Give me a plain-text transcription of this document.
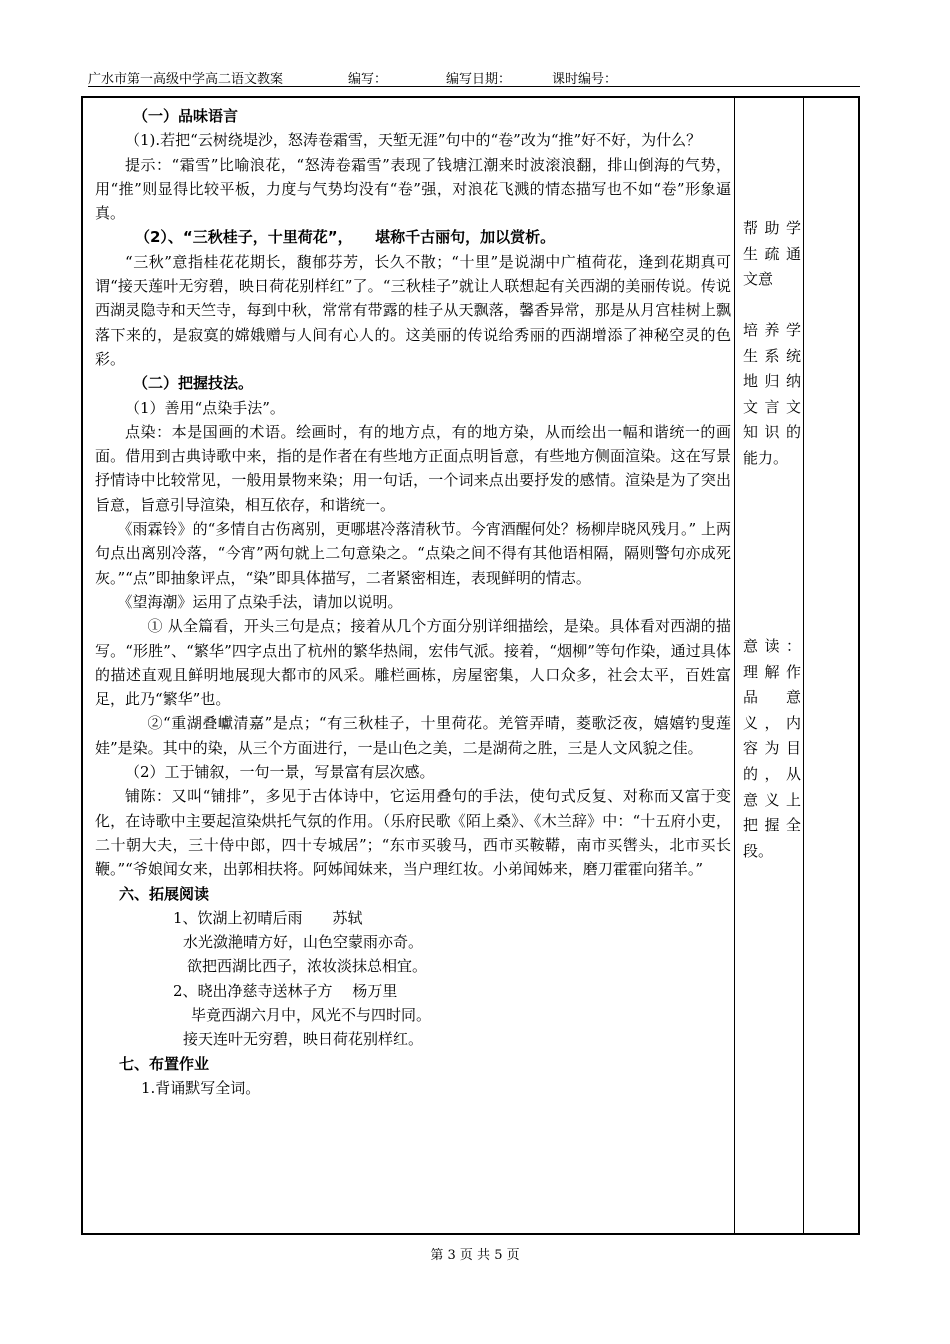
广水市第一高级中学高二语文教案	编写：	编写日期：	课时编号：

（一）品味语言

（1).若把“云树绕堤沙，怒涛卷霜雪，天堑无涯”句中的“卷”改为“推”好不好，为什么？

提示：“霜雪”比喻浪花，“怒涛卷霜雪”表现了钱塘江潮来时波滚浪翻，排山倒海的气势，用“推”则显得比较平板，力度与气势均没有“卷”强，对浪花飞溅的情态描写也不如“卷”形象逼真。

（2）、“三秋桂子，十里荷花”，　　堪称千古丽句，加以赏析。

“三秋”意指桂花花期长，馥郁芬芳，长久不散；“十里”是说湖中广植荷花，逢到花期真可谓“接天莲叶无穷碧，映日荷花别样红”了。“三秋桂子”就让人联想起有关西湖的美丽传说。传说西湖灵隐寺和天竺寺，每到中秋，常常有带露的桂子从天飘落，馨香异常，那是从月宫桂树上飘落下来的，是寂寞的嫦娥赠与人间有心人的。这美丽的传说给秀丽的西湖增添了神秘空灵的色彩。

（二）把握技法。

（1）善用“点染手法”。

点染：本是国画的术语。绘画时，有的地方点，有的地方染，从而绘出一幅和谐统一的画面。借用到古典诗歌中来，指的是作者在有些地方正面点明旨意，有些地方侧面渲染。这在写景抒情诗中比较常见，一般用景物来染；用一句话，一个词来点出要抒发的感情。渲染是为了突出旨意，旨意引导渲染，相互依存，和谐统一。

《雨霖铃》的“多情自古伤离别，更哪堪冷落清秋节。今宵酒醒何处？杨柳岸晓风残月。” 上两句点出离别冷落，“今宵”两句就上二句意染之。“点染之间不得有其他语相隔，隔则警句亦成死灰。”“点”即抽象评点，“染”即具体描写，二者紧密相连，表现鲜明的情志。

《望海潮》运用了点染手法，请加以说明。

① 从全篇看，开头三句是点；接着从几个方面分别详细描绘，是染。具体看对西湖的描写。“形胜”、“繁华”四字点出了杭州的繁华热闹，宏伟气派。接着，“烟柳”等句作染，通过具体的描述直观且鲜明地展现大都市的风采。雕栏画栋，房屋密集，人口众多，社会太平，百姓富足，此乃“繁华”也。

②“重湖叠巘清嘉”是点；“有三秋桂子，十里荷花。羌管弄晴，菱歌泛夜，嬉嬉钓叟莲娃”是染。其中的染，从三个方面进行，一是山色之美，二是湖荷之胜，三是人文风貌之佳。

（2）工于铺叙，一句一景，写景富有层次感。

铺陈：又叫“铺排”，多见于古体诗中，它运用叠句的手法，使句式反复、对称而又富于变化，在诗歌中主要起渲染烘托气氛的作用。（乐府民歌《陌上桑》、《木兰辞》中：“十五府小吏，二十朝大夫，三十侍中郎，四十专城居”；“东市买骏马，西市买鞍鞯，南市买辔头，北市买长鞭。”“爷娘闻女来，出郭相扶将。阿姊闻妹来，当户理红妆。小弟闻姊来，磨刀霍霍向猪羊。”

六、拓展阅读

1、饮湖上初晴后雨　　苏轼

水光潋滟晴方好，山色空蒙雨亦奇。

欲把西湖比西子，浓妆淡抹总相宜。

2、晓出净慈寺送林子方　 杨万里

毕竟西湖六月中，风光不与四时同。

接天连叶无穷碧，映日荷花别样红。

七、布置作业

1.背诵默写全词。

帮助学生疏通文意
培养学生系统地归纳文言文知识的能力。
意读：理解作品意义，内容为目的，从意义上把握全段。
第 3 页 共 5 页
